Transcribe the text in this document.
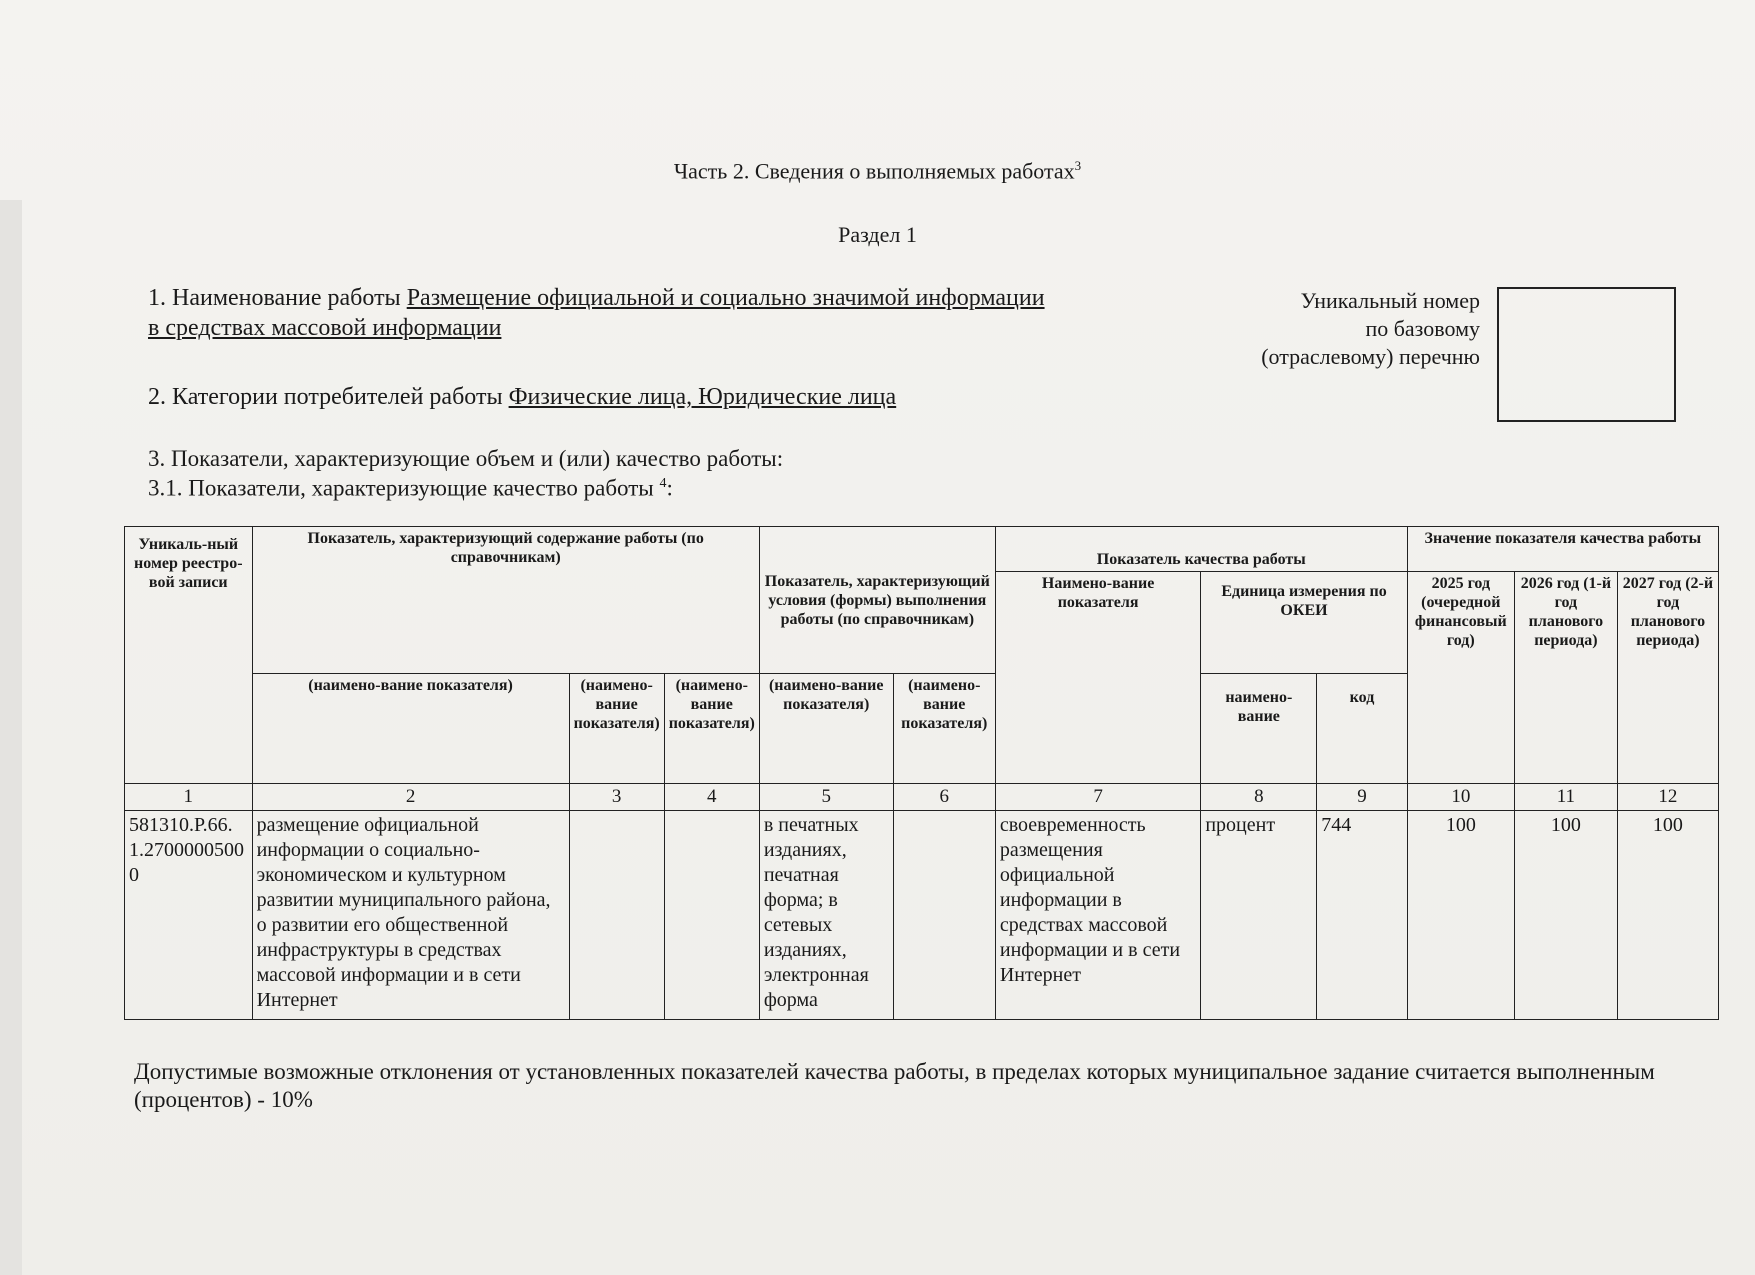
Часть 2. Сведения о выполняемых работах$^3$
Раздел 1
1. Наименование работы Размещение официальной и социально значимой информации
в средствах массовой информации
Уникальный номер
по базовому
(отраслевому) перечню
2. Категории потребителей работы Физические лица, Юридические лица
3. Показатели, характеризующие объем и (или) качество работы:
3.1. Показатели, характеризующие качество работы $^4$:
Уникаль-ный номер реестро-вой записи	Показатель, характеризующий содержание работы (по справочникам)			Показатель, характеризующий условия (формы) выполнения работы (по справочникам)		Показатель качества работы			Значение показателя качества работы		
						Наимено-вание показателя	Единица измерения по ОКЕИ		2025 год (очередной финансовый год)	2026 год (1-й год планового периода)	2027 год (2-й год планового периода)
	(наимено-вание показателя)	(наимено-вание показателя)	(наимено-вание показателя)	(наимено-вание показателя)	(наимено-вание показателя)		наимено-вание	код			
1	2	3	4	5	6	7	8	9	10	11	12
581310.Р.66.1.27000005000	размещение официальной информации о социально-экономическом и культурном развитии муниципального района, о развитии его общественной инфраструктуры в средствах массовой информации и в сети Интернет			в печатных изданиях, печатная форма; в сетевых изданиях, электронная форма		своевременность размещения официальной информации в средствах массовой информации и в сети Интернет	процент	744	100	100	100
Допустимые возможные отклонения от установленных показателей качества работы, в пределах которых муниципальное задание считается выполненным (процентов) - 10%
